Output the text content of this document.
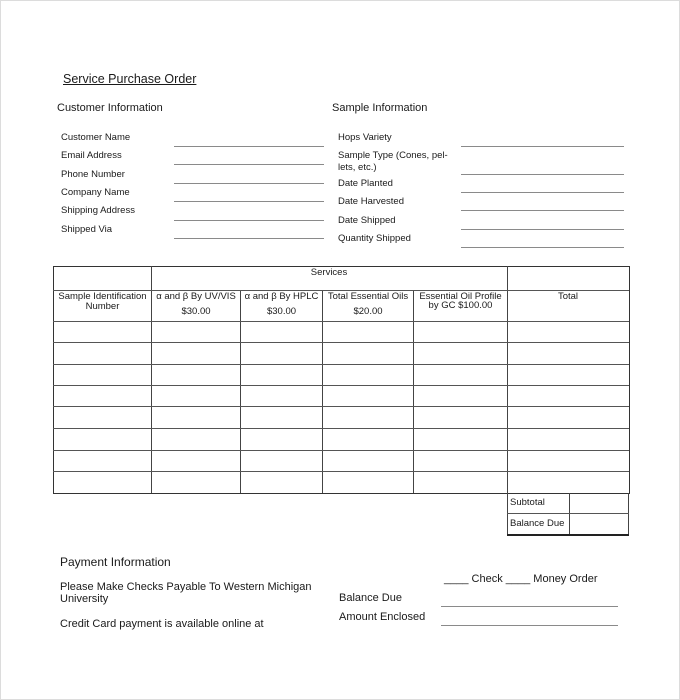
Service Purchase Order
Customer Information
Customer Name
Email Address
Phone Number
Company Name
Shipping Address
Shipped Via
Sample Information
Hops Variety
Sample Type (Cones, pel-
lets, etc.)
Date Planted
Date Harvested
Date Shipped
Quantity Shipped
Services
Sample Identification
Number
α and β By UV/VIS
$30.00
α and β By HPLC
$30.00
Total Essential Oils
$20.00
Essential Oil Profile
by GC $100.00
Total
Subtotal
Balance Due
Payment Information
Please Make Checks Payable To Western Michigan
University
Credit Card payment is available online at
____ Check ____ Money Order
Balance Due
Amount Enclosed
